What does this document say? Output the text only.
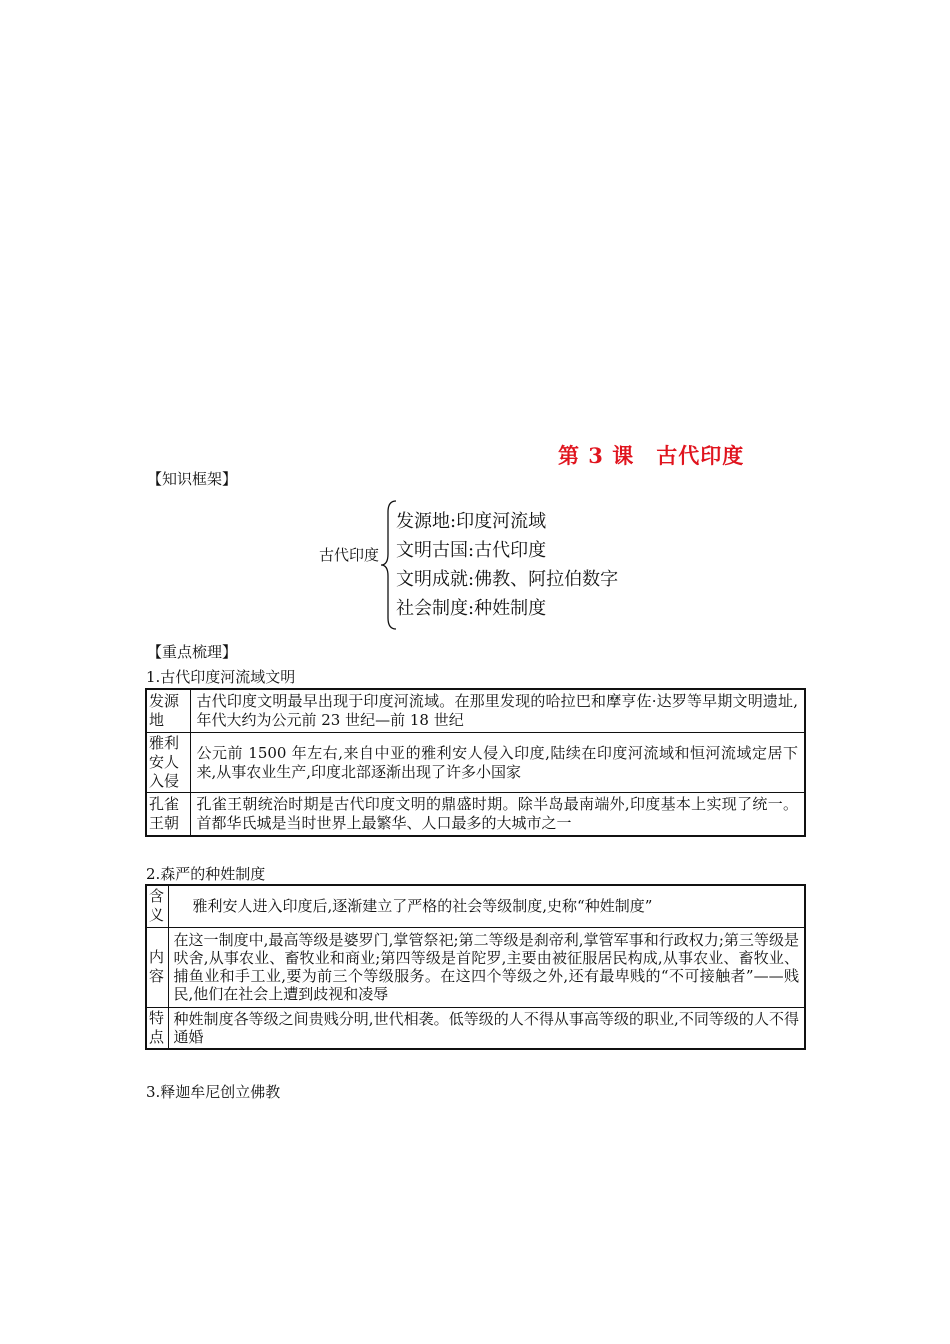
第 3 课 古代印度
【知识框架】
古代印度
发源地:印度河流域
文明古国:古代印度
文明成就:佛教、阿拉伯数字
社会制度:种姓制度
【重点梳理】
1.古代印度河流域文明
发源地	古代印度文明最早出现于印度河流域。在那里发现的哈拉巴和摩亨佐·达罗等早期文明遗址,年代大约为公元前 23 世纪—前 18 世纪
雅利安人入侵	公元前 1500 年左右,来自中亚的雅利安人侵入印度,陆续在印度河流域和恒河流域定居下来,从事农业生产,印度北部逐渐出现了许多小国家
孔雀王朝	孔雀王朝统治时期是古代印度文明的鼎盛时期。除半岛最南端外,印度基本上实现了统一。首都华氏城是当时世界上最繁华、人口最多的大城市之一
2.森严的种姓制度
含义	雅利安人进入印度后,逐渐建立了严格的社会等级制度,史称“种姓制度”
内容	在这一制度中,最高等级是婆罗门,掌管祭祀;第二等级是刹帝利,掌管军事和行政权力;第三等级是吠舍,从事农业、畜牧业和商业;第四等级是首陀罗,主要由被征服居民构成,从事农业、畜牧业、捕鱼业和手工业,要为前三个等级服务。在这四个等级之外,还有最卑贱的“不可接触者”——贱民,他们在社会上遭到歧视和凌辱
特点	种姓制度各等级之间贵贱分明,世代相袭。低等级的人不得从事高等级的职业,不同等级的人不得通婚
3.释迦牟尼创立佛教
